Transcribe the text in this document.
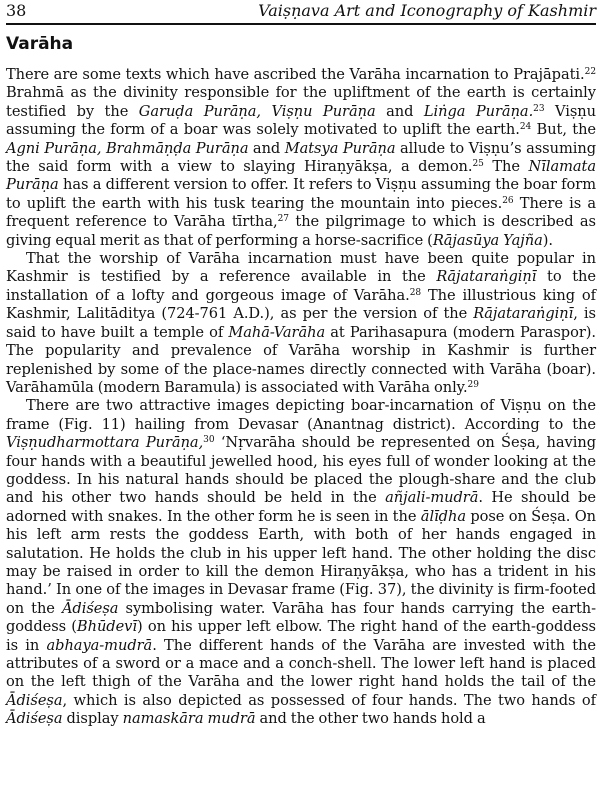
38	Vaiṣṇava Art and Iconography of Kashmir
Varāha

There are some texts which have ascribed the Varāha incarnation to Prajāpati.$^{22}$ Brahmā as the divinity responsible for the upliftment of the earth is certainly testified by the Garuḍa Purāṇa, Viṣṇu Purāṇa and Liṅga Purāṇa.$^{23}$ Viṣṇu assuming the form of a boar was solely motivated to uplift the earth.$^{24}$ But, the Agni Purāṇa, Brahmāṇḍa Purāṇa and Matsya Purāṇa allude to Viṣṇu’s assuming the said form with a view to slaying Hiraṇyākṣa, a demon.$^{25}$ The Nīlamata Purāṇa has a different version to offer. It refers to Viṣṇu assuming the boar form to uplift the earth with his tusk tearing the mountain into pieces.$^{26}$ There is a frequent reference to Varāha tīrtha,$^{27}$ the pilgrimage to which is described as giving equal merit as that of performing a horse-sacrifice (Rājasūya Yajña).

That the worship of Varāha incarnation must have been quite popular in Kashmir is testified by a reference available in the Rājataraṅgiṇī to the installation of a lofty and gorgeous image of Varāha.$^{28}$ The illustrious king of Kashmir, Lalitāditya (724-761 A.D.), as per the version of the Rājataraṅgiṇī, is said to have built a temple of Mahā-Varāha at Parihasapura (modern Paraspor). The popularity and prevalence of Varāha worship in Kashmir is further replenished by some of the place-names directly connected with Varāha (boar). Varāhamūla (modern Baramula) is associated with Varāha only.$^{29}$

There are two attractive images depicting boar-incarnation of Viṣṇu on the frame (Fig. 11) hailing from Devasar (Anantnag district). According to the Viṣṇudharmottara Purāṇa,$^{30}$ ‘Nṛvarāha should be represented on Śeṣa, having four hands with a beautiful jewelled hood, his eyes full of wonder looking at the goddess. In his natural hands should be placed the plough-share and the club and his other two hands should be held in the añjali-mudrā. He should be adorned with snakes. In the other form he is seen in the ālīḍha pose on Śeṣa. On his left arm rests the goddess Earth, with both of her hands engaged in salutation. He holds the club in his upper left hand. The other holding the disc may be raised in order to kill the demon Hiraṇyākṣa, who has a trident in his hand.’ In one of the images in Devasar frame (Fig. 37), the divinity is firm-footed on the Ādiśeṣa symbolising water. Varāha has four hands carrying the earth-goddess (Bhūdevī) on his upper left elbow. The right hand of the earth-goddess is in abhaya-mudrā. The different hands of the Varāha are invested with the attributes of a sword or a mace and a conch-shell. The lower left hand is placed on the left thigh of the Varāha and the lower right hand holds the tail of the Ādiśeṣa, which is also depicted as possessed of four hands. The two hands of Ādiśeṣa display namaskāra mudrā and the other two hands hold a
